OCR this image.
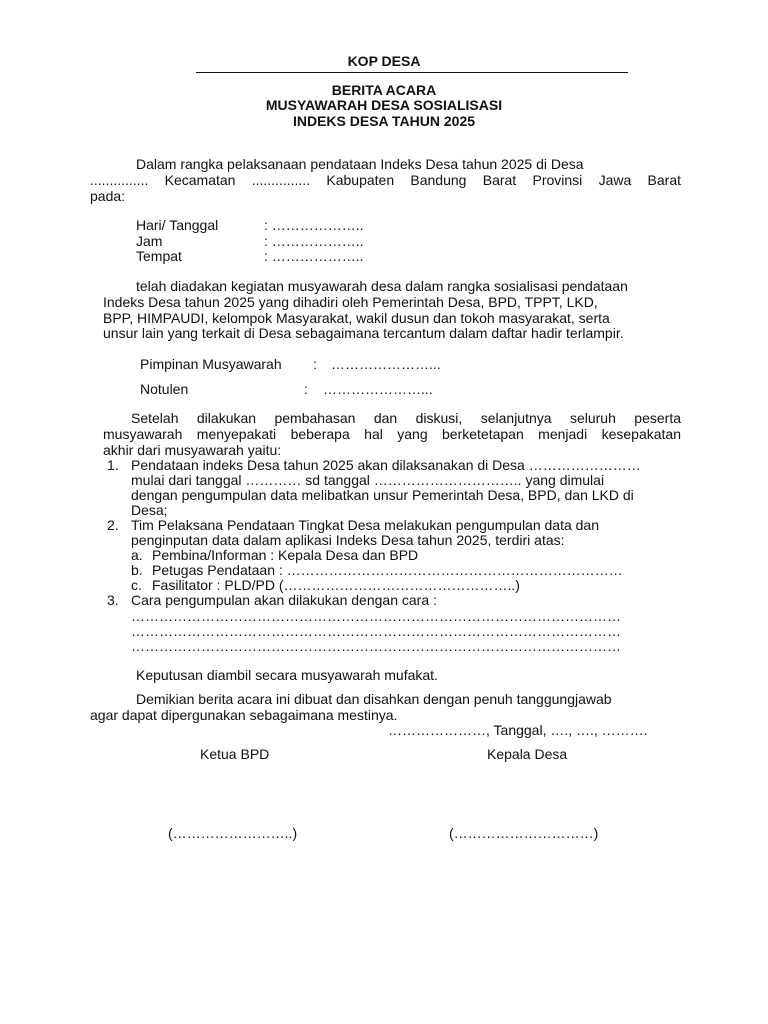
KOP DESA
BERITA ACARA
MUSYAWARAH DESA SOSIALISASI
INDEKS DESA TAHUN 2025
Dalam rangka pelaksanaan pendataan Indeks Desa tahun 2025 di Desa
............... Kecamatan ............... Kabupaten Bandung Barat Provinsi Jawa Barat
pada:
Hari/ Tanggal	: ………………..
Jam	: ………………..
Tempat	: ………………..
telah diadakan kegiatan musyawarah desa dalam rangka sosialisasi pendataan
Indeks Desa tahun 2025 yang dihadiri oleh Pemerintah Desa, BPD, TPPT, LKD,
BPP, HIMPAUDI, kelompok Masyarakat, wakil dusun dan tokoh masyarakat, serta
unsur lain yang terkait di Desa sebagaimana tercantum dalam daftar hadir terlampir.
Pimpinan Musyawarah : …………………...
Notulen	: …………………...
Setelah dilakukan pembahasan dan diskusi, selanjutnya seluruh peserta
musyawarah menyepakati beberapa hal yang berketetapan menjadi kesepakatan
akhir dari musyawarah yaitu:
1. Pendataan indeks Desa tahun 2025 akan dilaksanakan di Desa ……………………
mulai dari tanggal ………… sd tanggal ………………………….. yang dimulai
dengan pengumpulan data melibatkan unsur Pemerintah Desa, BPD, dan LKD di
Desa;
2. Tim Pelaksana Pendataan Tingkat Desa melakukan pengumpulan data dan
penginputan data dalam aplikasi Indeks Desa tahun 2025, terdiri atas:
a. Pembina/Informan : Kepala Desa dan BPD
b. Petugas Pendataan : ………………………………………………………………
c. Fasilitator : PLD/PD (…………………………………………..)
3. Cara pengumpulan akan dilakukan dengan cara :
……………………………………………………………………………………………
……………………………………………………………………………………………
……………………………………………………………………………………………
Keputusan diambil secara musyawarah mufakat.
Demikian berita acara ini dibuat dan disahkan dengan penuh tanggungjawab
agar dapat dipergunakan sebagaimana mestinya.
…………………, Tanggal, …., …., ……….
Ketua BPD	Kepala Desa
(……………………..)	(…………………………)
